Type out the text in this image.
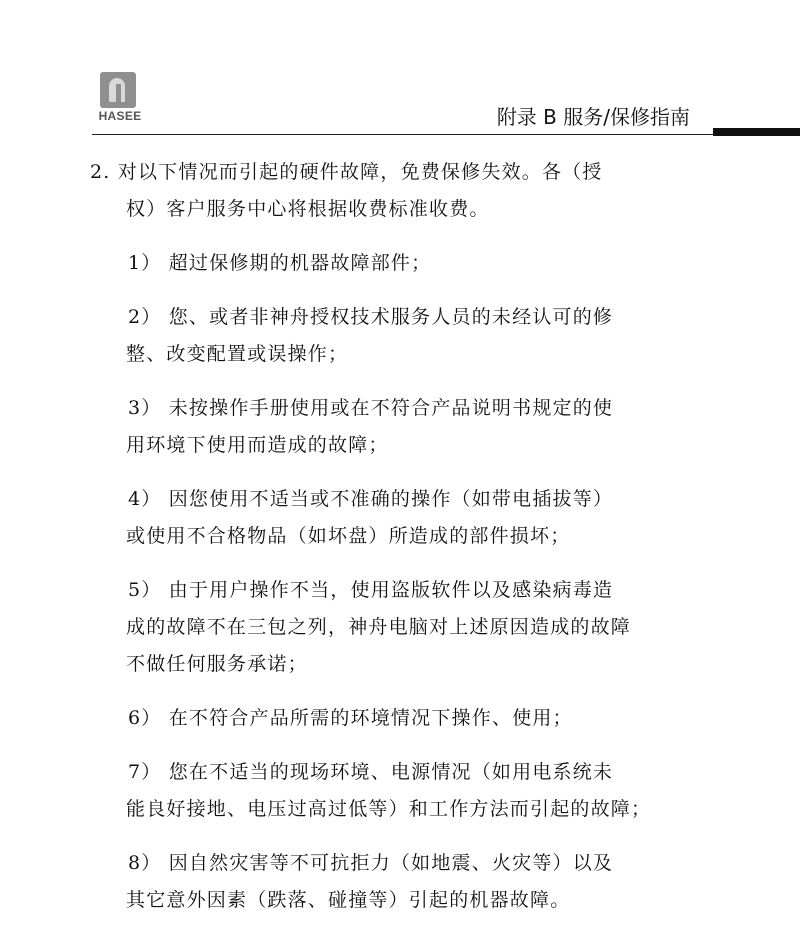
HASEE	附录 B 服务/保修指南
2. 对以下情况而引起的硬件故障，免费保修失效。各（授
权）客户服务中心将根据收费标准收费。
1） 超过保修期的机器故障部件；
2） 您、或者非神舟授权技术服务人员的未经认可的修
整、改变配置或误操作；
3） 未按操作手册使用或在不符合产品说明书规定的使
用环境下使用而造成的故障；
4） 因您使用不适当或不准确的操作（如带电插拔等）
或使用不合格物品（如坏盘）所造成的部件损坏；
5） 由于用户操作不当，使用盗版软件以及感染病毒造
成的故障不在三包之列，神舟电脑对上述原因造成的故障
不做任何服务承诺；
6） 在不符合产品所需的环境情况下操作、使用；
7） 您在不适当的现场环境、电源情况（如用电系统未
能良好接地、电压过高过低等）和工作方法而引起的故障；
8） 因自然灾害等不可抗拒力（如地震、火灾等）以及
其它意外因素（跌落、碰撞等）引起的机器故障。
